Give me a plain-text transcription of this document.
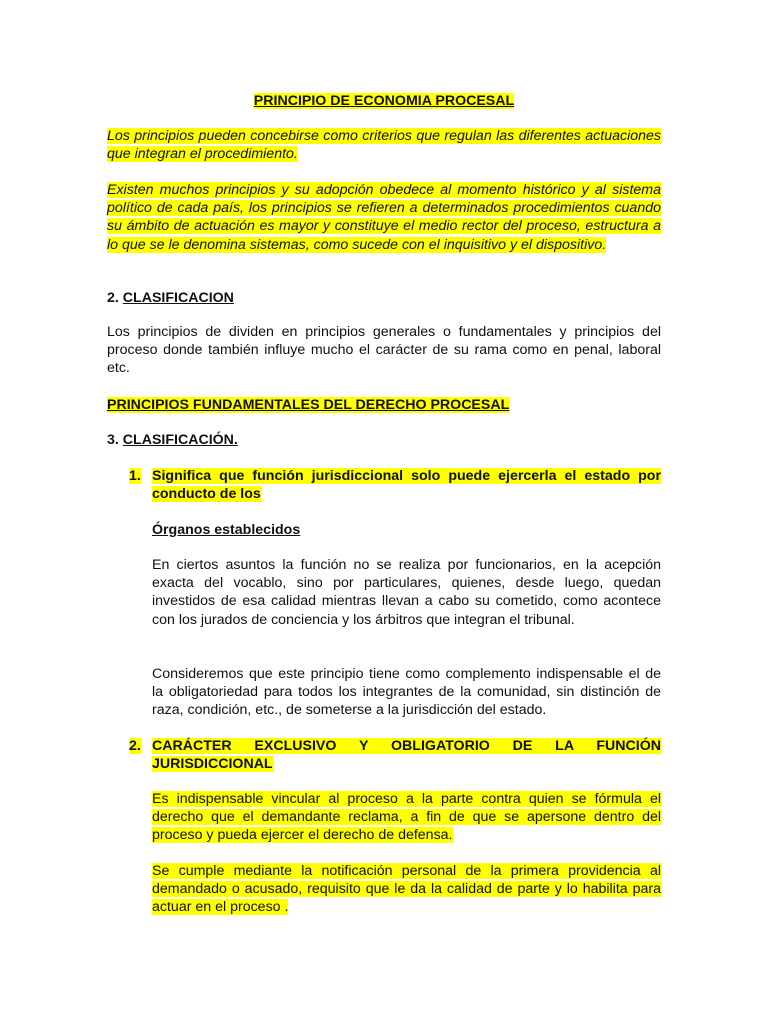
PRINCIPIO DE ECONOMIA PROCESAL

Los principios pueden concebirse como criterios que regulan las diferentes actuaciones que integran el procedimiento.

Existen muchos principios y su adopción obedece al momento histórico y al sistema político de cada país, los principios se refieren a determinados procedimientos cuando su ámbito de actuación es mayor y constituye el medio rector del proceso, estructura a lo que se le denomina sistemas, como sucede con el inquisitivo y el dispositivo.

2. CLASIFICACION

Los principios de dividen en principios generales o fundamentales y principios del proceso donde también influye mucho el carácter de su rama como en penal, laboral etc.

PRINCIPIOS FUNDAMENTALES DEL DERECHO PROCESAL

3. CLASIFICACIÓN.

1. Significa que función jurisdiccional solo puede ejercerla el estado por conducto de los

Órganos establecidos

En ciertos asuntos la función no se realiza por funcionarios, en la acepción exacta del vocablo, sino por particulares, quienes, desde luego, quedan investidos de esa calidad mientras llevan a cabo su cometido, como acontece con los jurados de conciencia y los árbitros que integran el tribunal.

Consideremos que este principio tiene como complemento indispensable el de la obligatoriedad para todos los integrantes de la comunidad, sin distinción de raza, condición, etc., de someterse a la jurisdicción del estado.

2. CARÁCTER EXCLUSIVO Y OBLIGATORIO DE LA FUNCIÓN JURISDICCIONAL

Es indispensable vincular al proceso a la parte contra quien se fórmula el derecho que el demandante reclama, a fin de que se apersone dentro del proceso y pueda ejercer el derecho de defensa.

Se cumple mediante la notificación personal de la primera providencia al demandado o acusado, requisito que le da la calidad de parte y lo habilita para actuar en el proceso .
